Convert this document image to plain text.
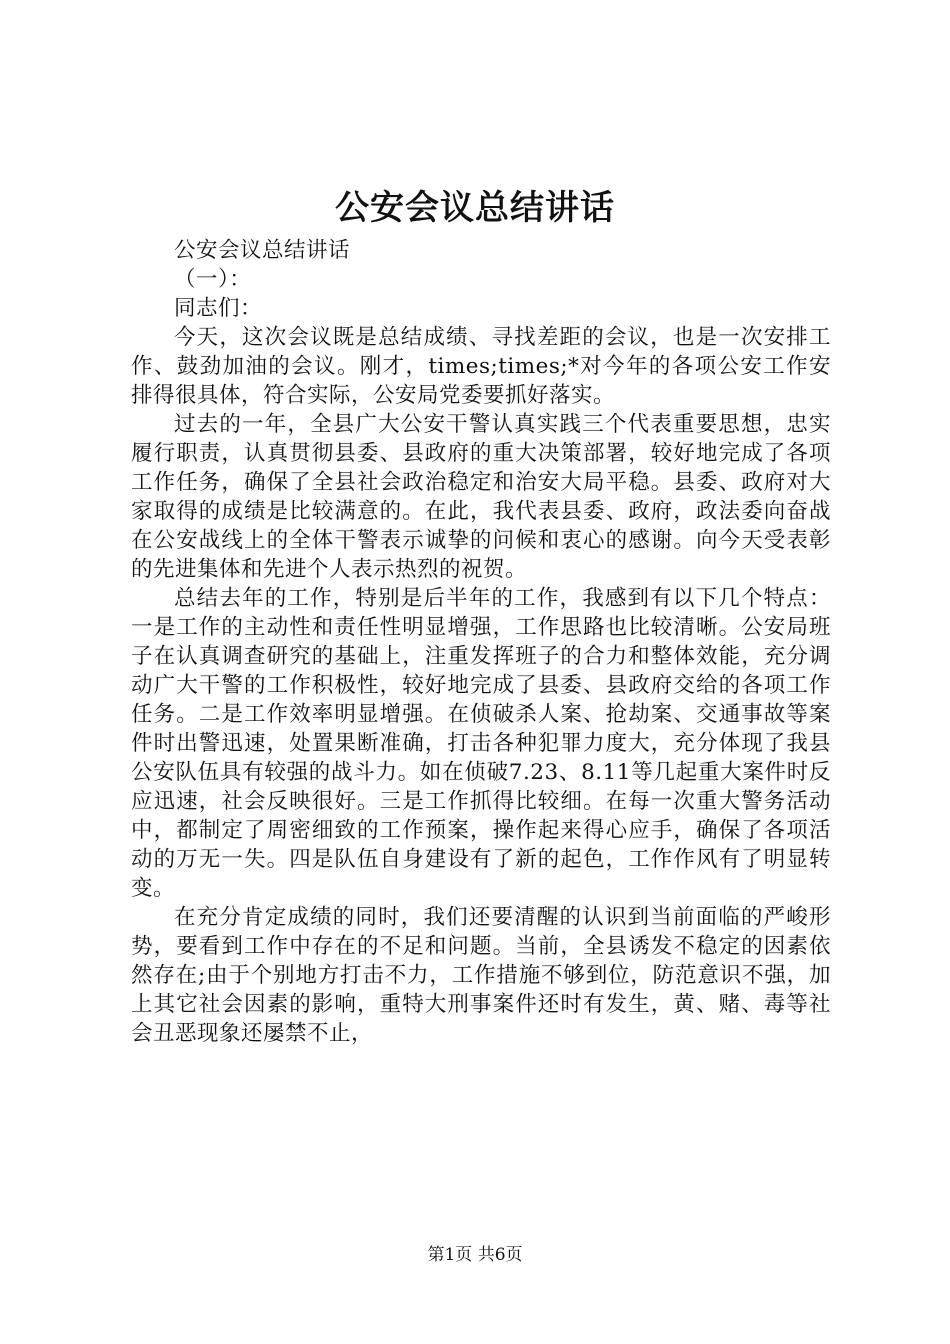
公安会议总结讲话

公安会议总结讲话

（一）：

同志们：

今天，这次会议既是总结成绩、寻找差距的会议，也是一次安排工作、鼓劲加油的会议。刚才，times;times;*对今年的各项公安工作安排得很具体，符合实际，公安局党委要抓好落实。

过去的一年，全县广大公安干警认真实践三个代表重要思想，忠实履行职责，认真贯彻县委、县政府的重大决策部署，较好地完成了各项工作任务，确保了全县社会政治稳定和治安大局平稳。县委、政府对大家取得的成绩是比较满意的。在此，我代表县委、政府，政法委向奋战在公安战线上的全体干警表示诚挚的问候和衷心的感谢。向今天受表彰的先进集体和先进个人表示热烈的祝贺。

总结去年的工作，特别是后半年的工作，我感到有以下几个特点：一是工作的主动性和责任性明显增强，工作思路也比较清晰。公安局班子在认真调查研究的基础上，注重发挥班子的合力和整体效能，充分调动广大干警的工作积极性，较好地完成了县委、县政府交给的各项工作任务。二是工作效率明显增强。在侦破杀人案、抢劫案、交通事故等案件时出警迅速，处置果断准确，打击各种犯罪力度大，充分体现了我县公安队伍具有较强的战斗力。如在侦破7.23、8.11等几起重大案件时反应迅速，社会反映很好。三是工作抓得比较细。在每一次重大警务活动中，都制定了周密细致的工作预案，操作起来得心应手，确保了各项活动的万无一失。四是队伍自身建设有了新的起色，工作作风有了明显转变。

在充分肯定成绩的同时，我们还要清醒的认识到当前面临的严峻形势，要看到工作中存在的不足和问题。当前，全县诱发不稳定的因素依然存在;由于个别地方打击不力，工作措施不够到位，防范意识不强，加上其它社会因素的影响，重特大刑事案件还时有发生，黄、赌、毒等社会丑恶现象还屡禁不止，

第1页 共6页
